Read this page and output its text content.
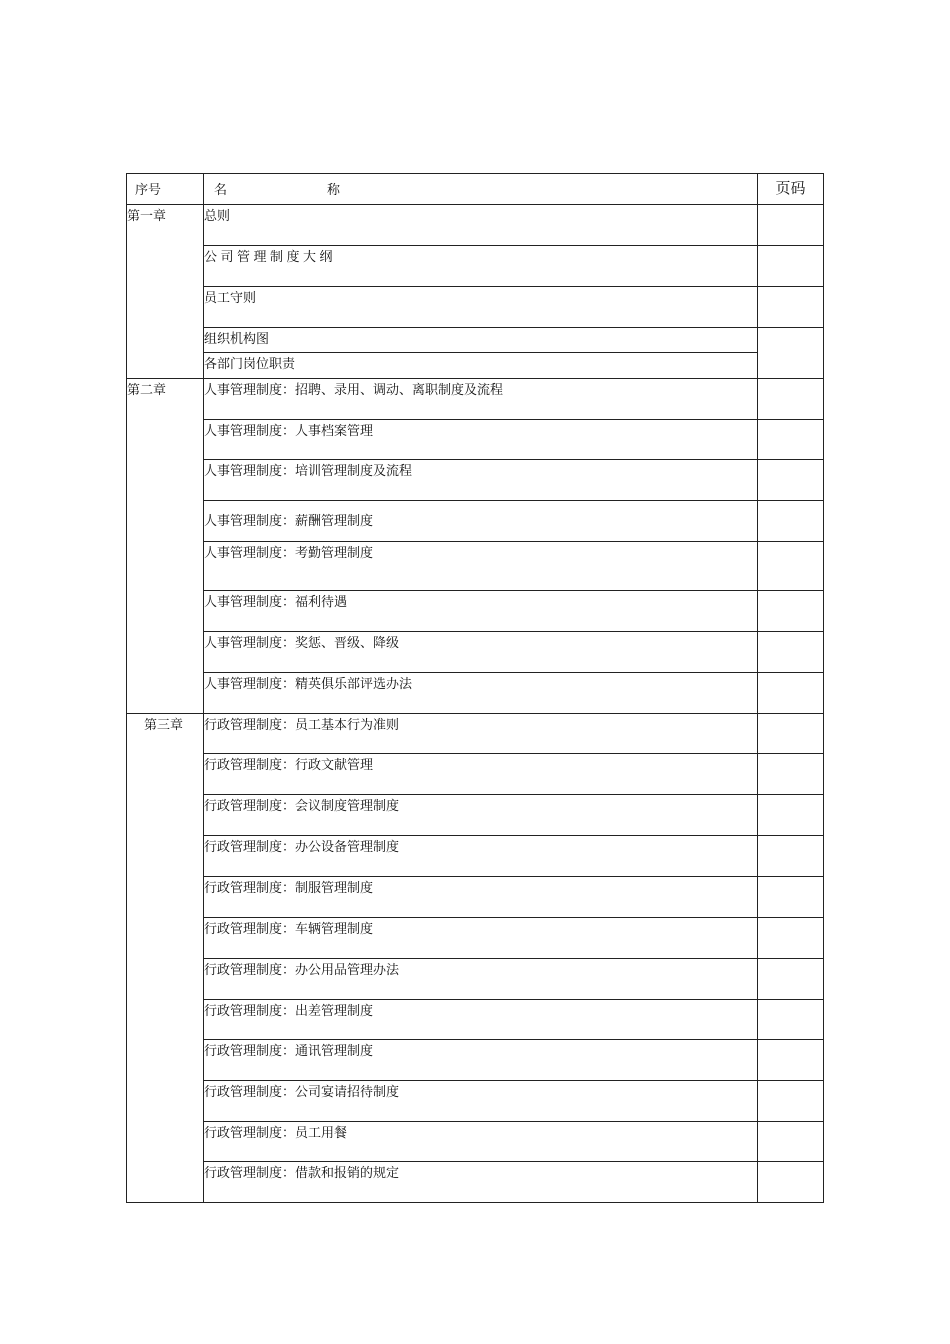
序号	名 称	页码
第一章	总则	
	公司管理制度大纲	
	员工守则	
	组织机构图	
	各部门岗位职责	
第二章	人事管理制度：招聘、录用、调动、离职制度及流程	
	人事管理制度：人事档案管理	
	人事管理制度：培训管理制度及流程	
	人事管理制度：薪酬管理制度	
	人事管理制度：考勤管理制度	
	人事管理制度：福利待遇	
	人事管理制度：奖惩、晋级、降级	
	人事管理制度：精英俱乐部评选办法	
第三章	行政管理制度：员工基本行为准则	
	行政管理制度：行政文献管理	
	行政管理制度：会议制度管理制度	
	行政管理制度：办公设备管理制度	
	行政管理制度：制服管理制度	
	行政管理制度：车辆管理制度	
	行政管理制度：办公用品管理办法	
	行政管理制度：出差管理制度	
	行政管理制度：通讯管理制度	
	行政管理制度：公司宴请招待制度	
	行政管理制度：员工用餐	
	行政管理制度：借款和报销的规定	
